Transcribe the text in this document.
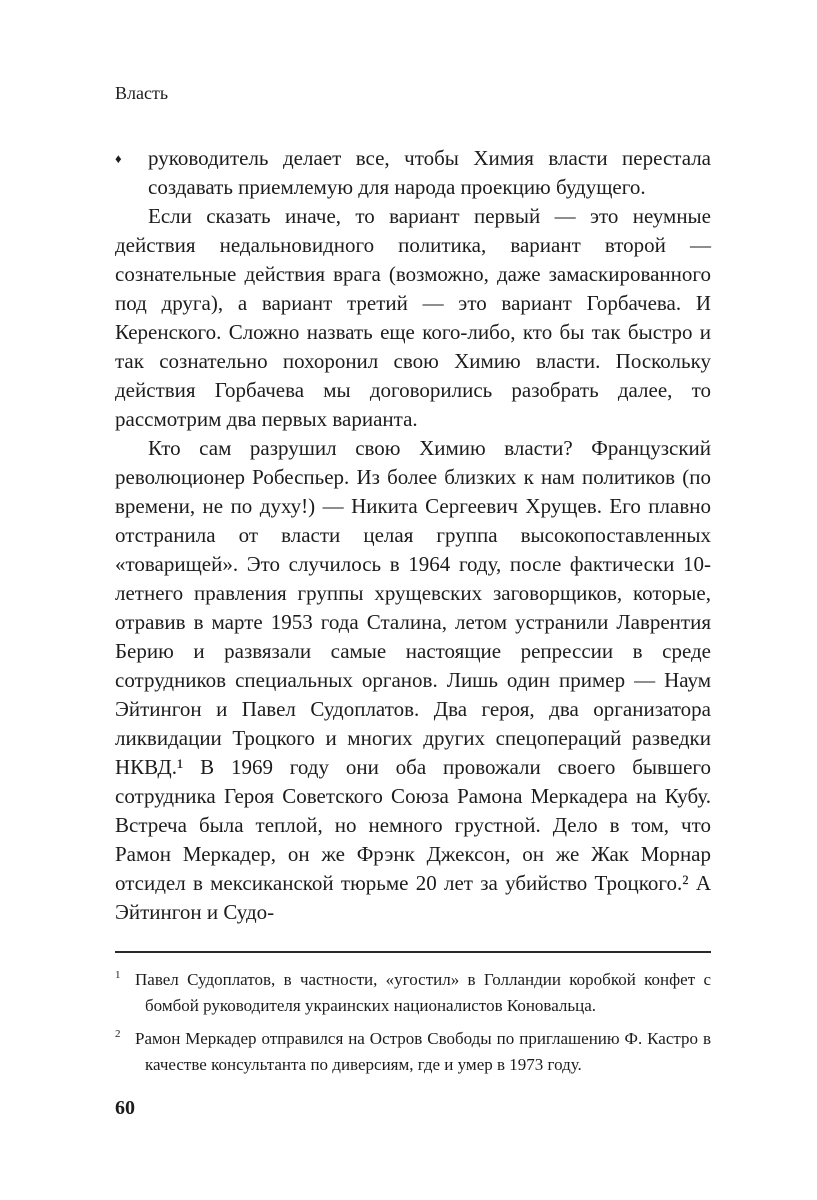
Власть
♦	руководитель делает все, чтобы Химия власти перестала создавать приемлемую для народа проекцию будущего.

Если сказать иначе, то вариант первый — это неумные действия недальновидного политика, вариант второй — сознательные действия врага (возможно, даже замаскированного под друга), а вариант третий — это вариант Горбачева. И Керенского. Сложно назвать еще кого-либо, кто бы так быстро и так сознательно похоронил свою Химию власти. Поскольку действия Горбачева мы договорились разобрать далее, то рассмотрим два первых варианта.

Кто сам разрушил свою Химию власти? Французский революционер Робеспьер. Из более близких к нам политиков (по времени, не по духу!) — Никита Сергеевич Хрущев. Его плавно отстранила от власти целая группа высокопоставленных «товарищей». Это случилось в 1964 году, после фактически 10-летнего правления группы хрущевских заговорщиков, которые, отравив в марте 1953 года Сталина, летом устранили Лаврентия Берию и развязали самые настоящие репрессии в среде сотрудников специальных органов. Лишь один пример — Наум Эйтингон и Павел Судоплатов. Два героя, два организатора ликвидации Троцкого и многих других спецопераций разведки НКВД.¹ В 1969 году они оба провожали своего бывшего сотрудника Героя Советского Союза Рамона Меркадера на Кубу. Встреча была теплой, но немного грустной. Дело в том, что Рамон Меркадер, он же Фрэнк Джексон, он же Жак Морнар отсидел в мексиканской тюрьме 20 лет за убийство Троцкого.² А Эйтингон и Судо-

1 Павел Судоплатов, в частности, «угостил» в Голландии коробкой конфет с бомбой руководителя украинских националистов Коновальца.
2 Рамон Меркадер отправился на Остров Свободы по приглашению Ф. Кастро в качестве консультанта по диверсиям, где и умер в 1973 году.
60
